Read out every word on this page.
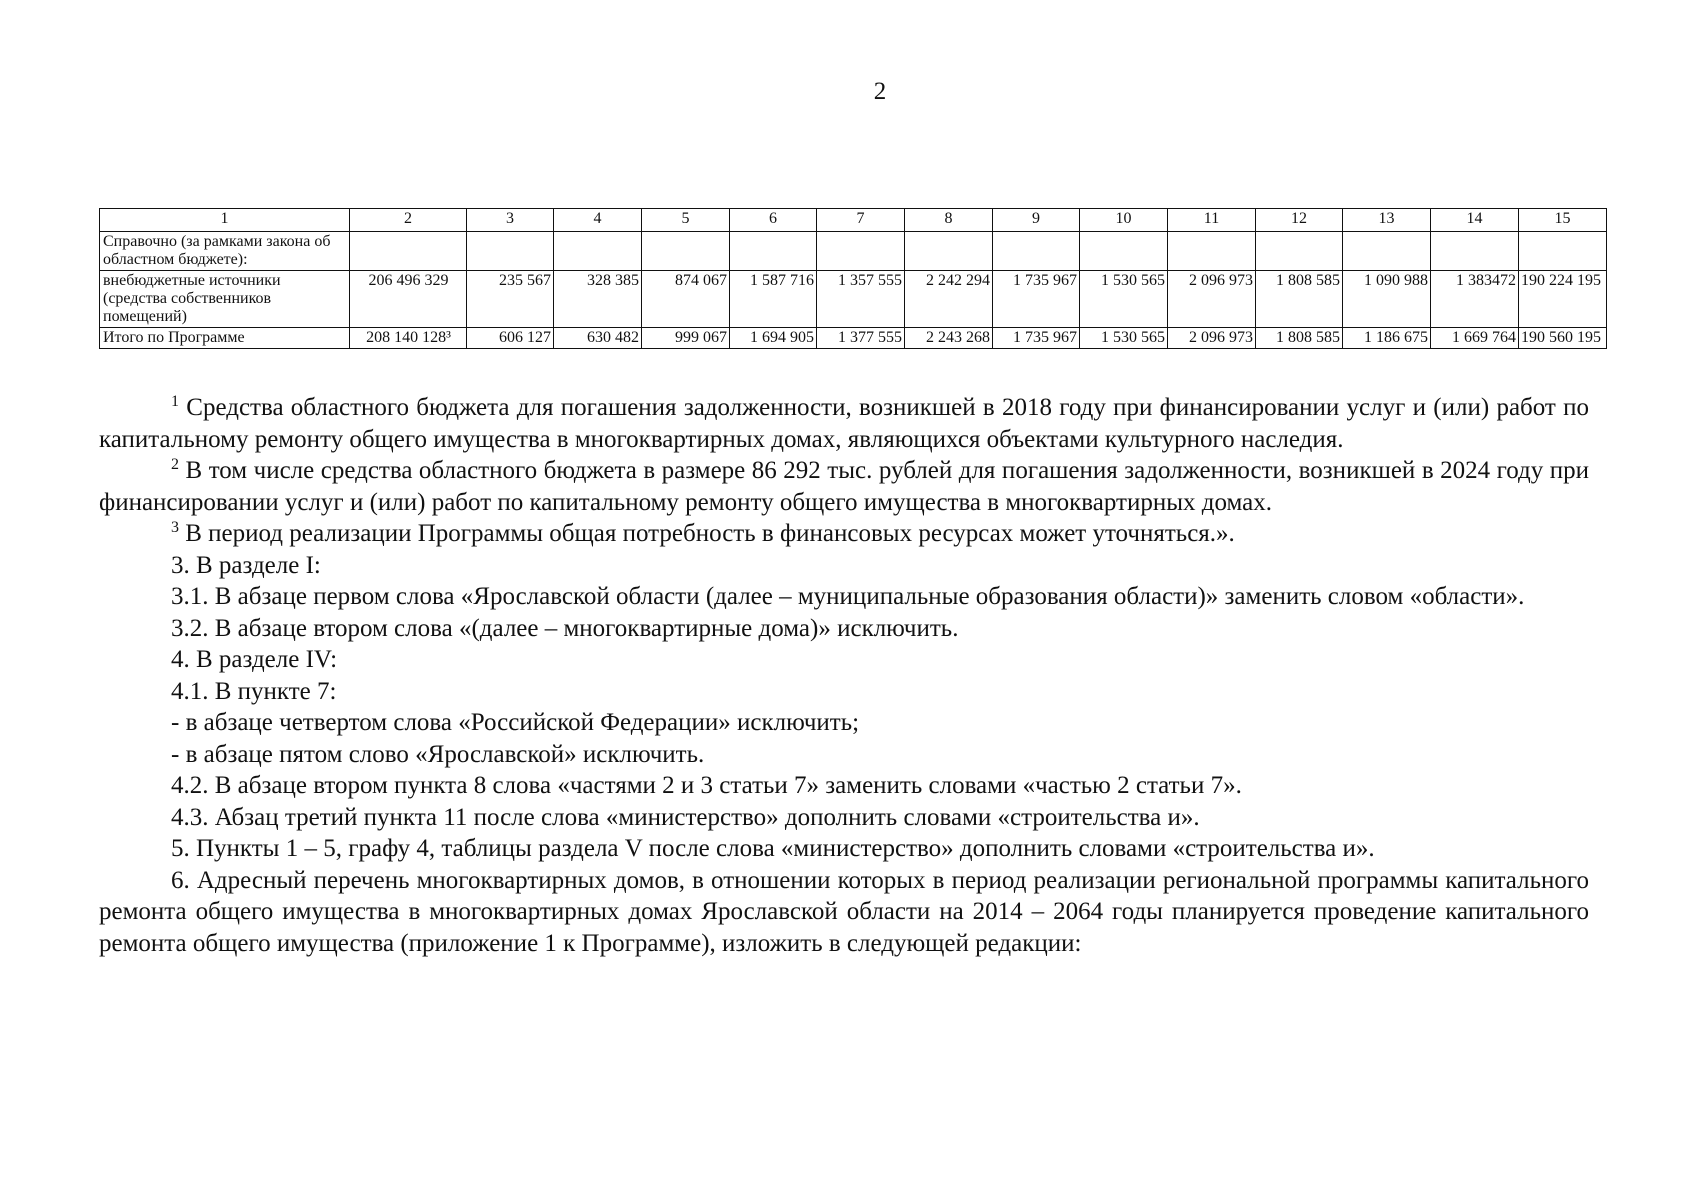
2
1	2	3	4	5	6	7	8	9	10	11	12	13	14	15
Справочно (за рамками закона об областном бюджете):														
внебюджетные источники (средства собственников помещений)	206 496 329	235 567	328 385	874 067	1 587 716	1 357 555	2 242 294	1 735 967	1 530 565	2 096 973	1 808 585	1 090 988	1 383472	190 224 195
Итого по Программе	208 140 128³	606 127	630 482	999 067	1 694 905	1 377 555	2 243 268	1 735 967	1 530 565	2 096 973	1 808 585	1 186 675	1 669 764	190 560 195

$^1$ Средства областного бюджета для погашения задолженности, возникшей в 2018 году при финансировании услуг и (или) работ по капитальному ремонту общего имущества в многоквартирных домах, являющихся объектами культурного наследия.

$^2$ В том числе средства областного бюджета в размере 86 292 тыс. рублей для погашения задолженности, возникшей в 2024 году при финансировании услуг и (или) работ по капитальному ремонту общего имущества в многоквартирных домах.

$^3$ В период реализации Программы общая потребность в финансовых ресурсах может уточняться.».

3. В разделе I:

3.1. В абзаце первом слова «Ярославской области (далее – муниципальные образования области)» заменить словом «области».

3.2. В абзаце втором слова «(далее – многоквартирные дома)» исключить.

4. В разделе IV:

4.1. В пункте 7:

- в абзаце четвертом слова «Российской Федерации» исключить;

- в абзаце пятом слово «Ярославской» исключить.

4.2. В абзаце втором пункта 8 слова «частями 2 и 3 статьи 7» заменить словами «частью 2 статьи 7».

4.3. Абзац третий пункта 11 после слова «министерство» дополнить словами «строительства и».

5. Пункты 1 – 5, графу 4, таблицы раздела V после слова «министерство» дополнить словами «строительства и».

6. Адресный перечень многоквартирных домов, в отношении которых в период реализации региональной программы капитального ремонта общего имущества в многоквартирных домах Ярославской области на 2014 – 2064 годы планируется проведение капитального ремонта общего имущества (приложение 1 к Программе), изложить в следующей редакции:
